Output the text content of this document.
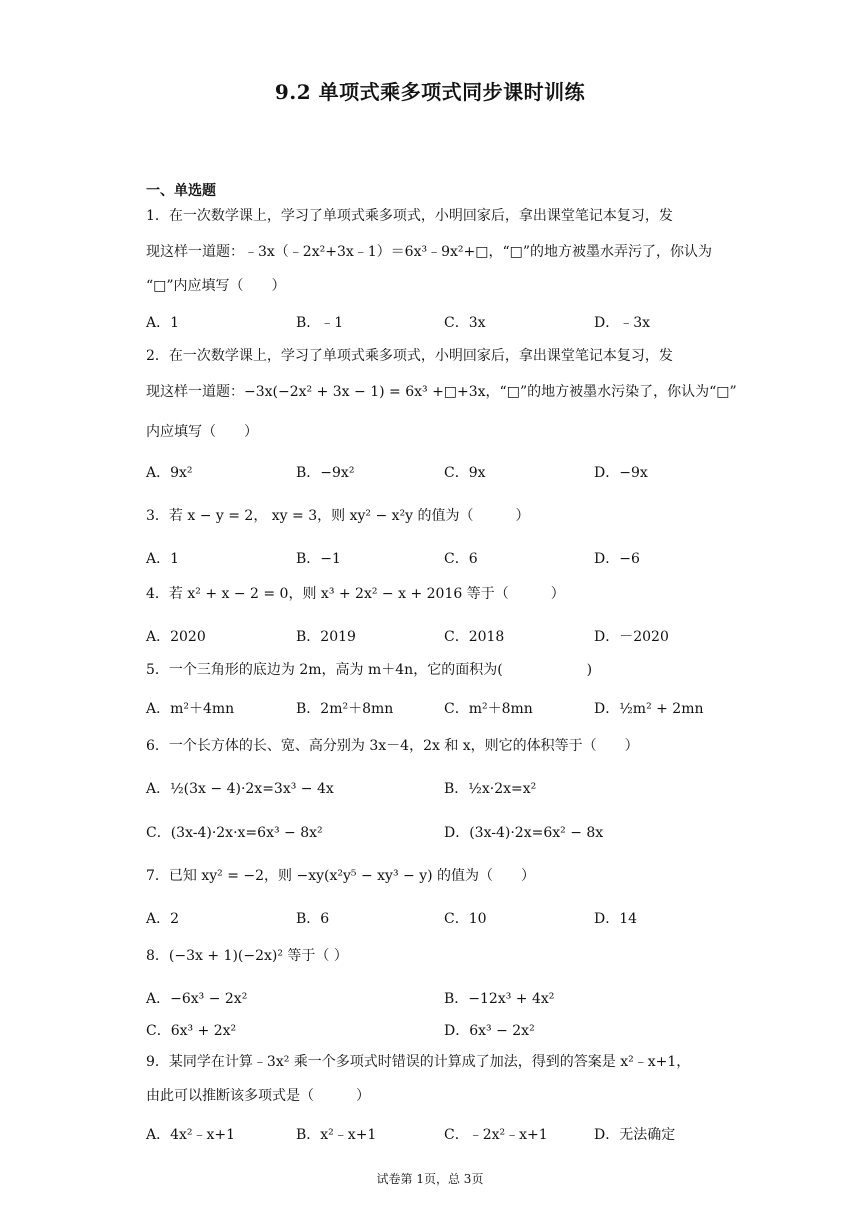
9.2 单项式乘多项式同步课时训练
一、单选题
1．在一次数学课上，学习了单项式乘多项式，小明回家后，拿出课堂笔记本复习，发
现这样一道题：﹣3x（﹣2x²+3x﹣1）＝6x³﹣9x²+□，“□”的地方被墨水弄污了，你认为
“□”内应填写（　　）
A．1	B．﹣1	C．3x	D．﹣3x
2．在一次数学课上，学习了单项式乘多项式，小明回家后，拿出课堂笔记本复习，发
现这样一道题：−3x(−2x² + 3x − 1) = 6x³ +□+3x，“□”的地方被墨水污染了，你认为“□”
内应填写（　　）
A．9x²	B．−9x²	C．9x	D．−9x
3．若 x − y = 2， xy = 3，则 xy² − x²y 的值为（　　　）
A．1	B．−1	C．6	D．−6
4．若 x² + x − 2 = 0，则 x³ + 2x² − x + 2016 等于（　　　）
A．2020	B．2019	C．2018	D．－2020
5．一个三角形的底边为 2m，高为 m＋4n，它的面积为(　　　　　　)
A．m²＋4mn	B．2m²＋8mn	C．m²＋8mn	D．½m² + 2mn
6．一个长方体的长、宽、高分别为 3x－4，2x 和 x，则它的体积等于（　　）
A．½(3x − 4)·2x=3x³ − 4x	B．½x·2x=x²
C．(3x-4)·2x·x=6x³ − 8x²	D．(3x-4)·2x=6x² − 8x
7．已知 xy² = −2，则 −xy(x²y⁵ − xy³ − y) 的值为（　　）
A．2	B．6	C．10	D．14
8．(−3x + 1)(−2x)² 等于（ ）
A．−6x³ − 2x²	B．−12x³ + 4x²
C．6x³ + 2x²	D．6x³ − 2x²
9．某同学在计算﹣3x² 乘一个多项式时错误的计算成了加法，得到的答案是 x²﹣x+1，
由此可以推断该多项式是（　　　）
A．4x²﹣x+1	B．x²﹣x+1	C．﹣2x²﹣x+1	D．无法确定
试卷第 1页，总 3页
